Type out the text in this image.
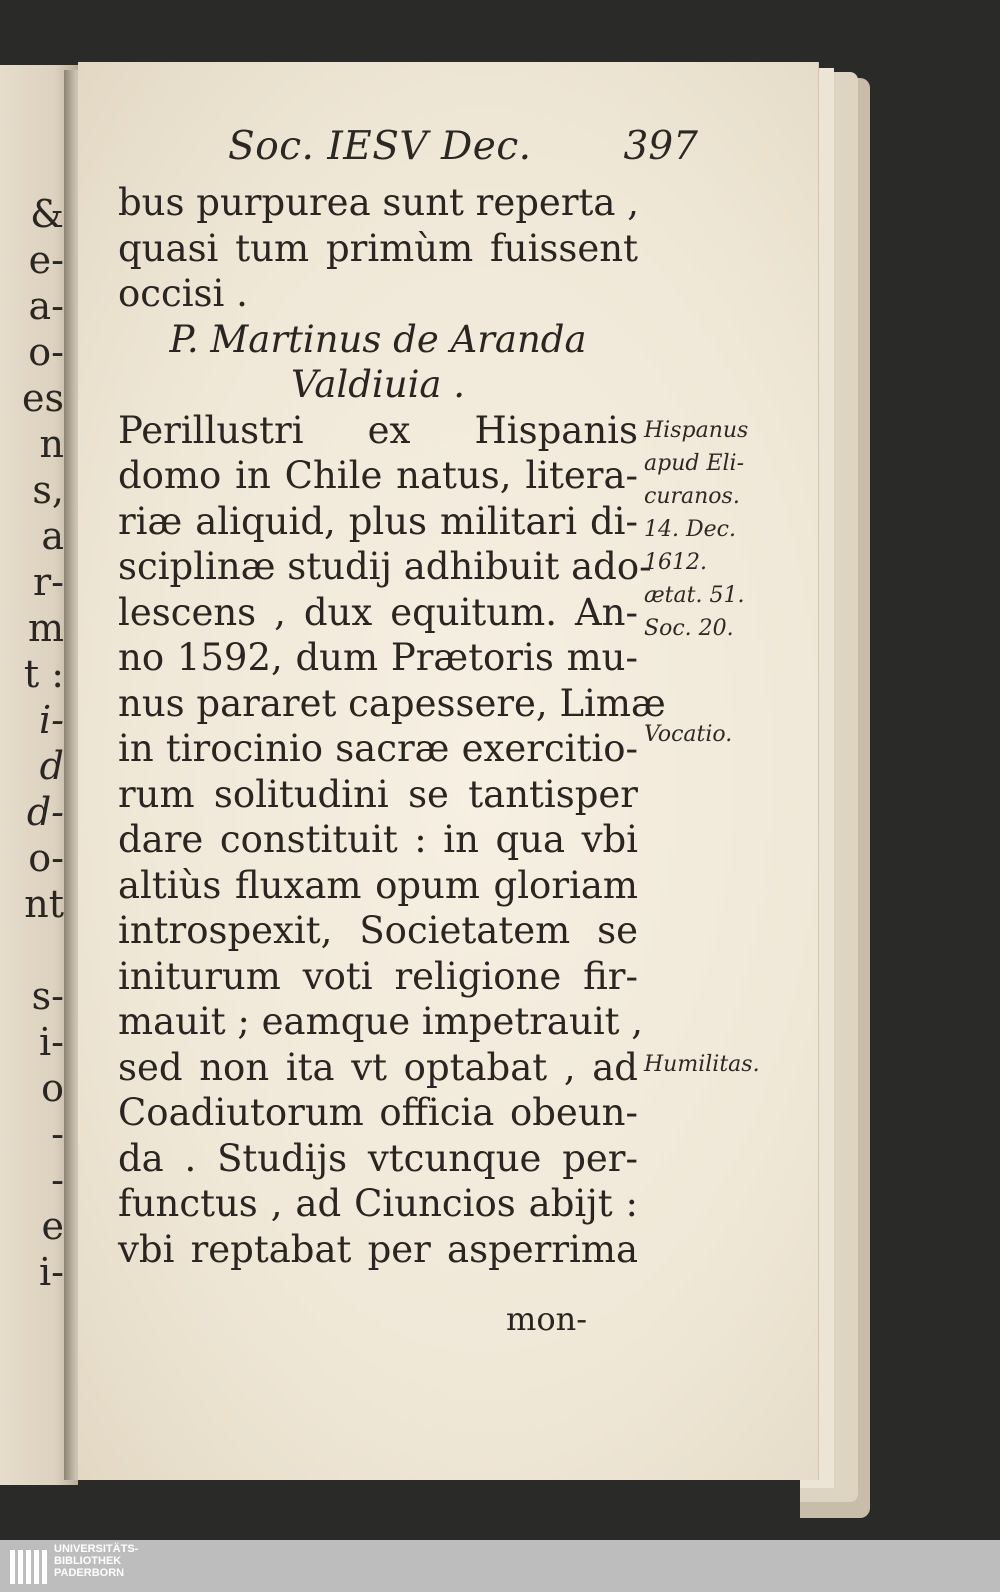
&
e-
a-
o-
es
n
s,
a
r-
m
t :
i-
d
d-
o-
nt
s-
i-
o
-
-
e
i-
Soc. IESV Dec. 397
bus purpurea sunt reperta ,
quasi tum primùm fuissent
occisi .
P. Martinus de Aranda
Valdiuia .
Perillustri ex Hispanis
domo in Chile natus, litera-
riæ aliquid, plus militari di-
sciplinæ studij adhibuit ado-
lescens , dux equitum. An-
no 1592, dum Prætoris mu-
nus pararet capessere, Limæ
in tirocinio sacræ exercitio-
rum solitudini se tantisper
dare constituit : in qua vbi
altiùs fluxam opum gloriam
introspexit, Societatem se
initurum voti religione fir-
mauit ; eamque impetrauit ,
sed non ita vt optabat , ad
Coadiutorum officia obeun-
da . Studijs vtcunque per-
functus , ad Ciuncios abijt :
vbi reptabat per asperrima
mon-
Hispanus
apud Eli-
curanos.
14. Dec.
1612.
ætat. 51.
Soc. 20.
Vocatio.
Humilitas.
UNIVERSITÄTS-
BIBLIOTHEK
PADERBORN
